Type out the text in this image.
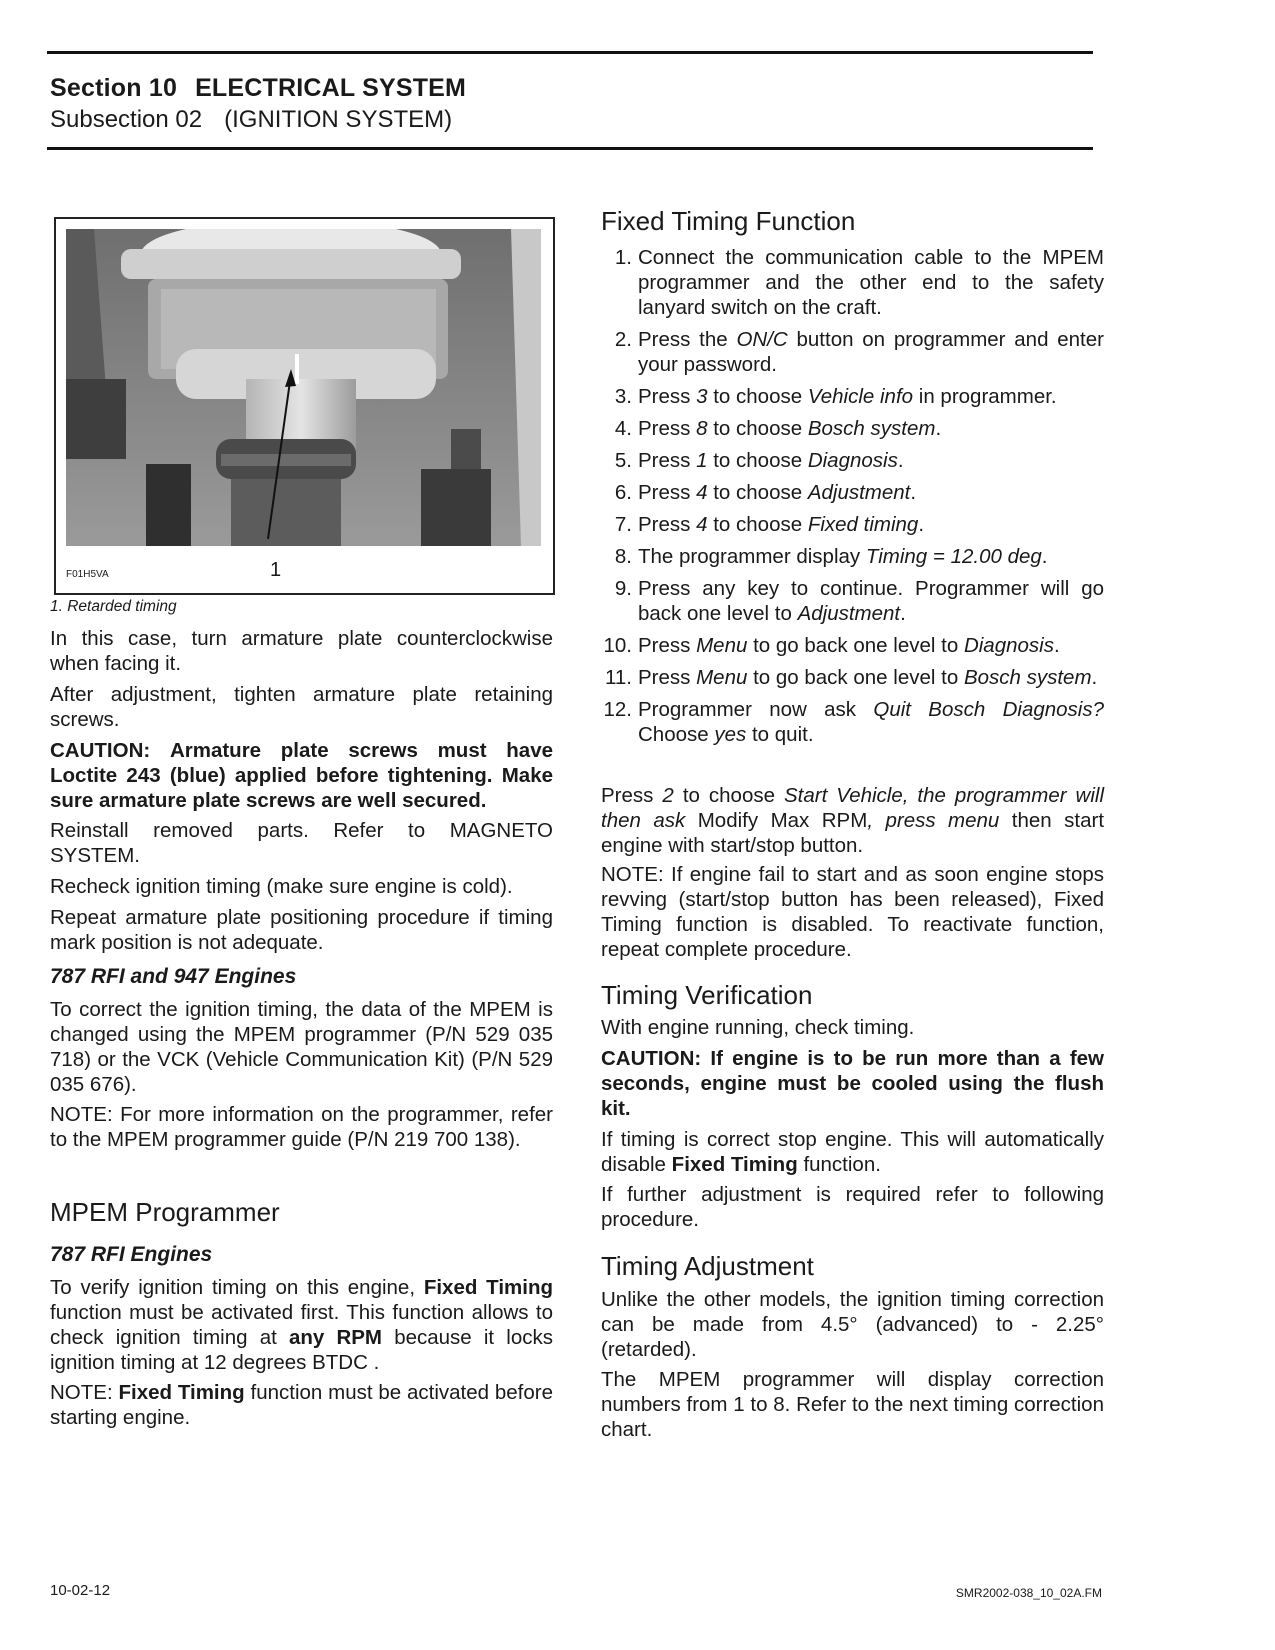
Section 10 ELECTRICAL SYSTEM
Subsection 02 (IGNITION SYSTEM)
F01H5VA	1
1. Retarded timing

In this case, turn armature plate counterclockwise when facing it.

After adjustment, tighten armature plate retaining screws.

CAUTION: Armature plate screws must have Loctite 243 (blue) applied before tightening. Make sure armature plate screws are well secured.

Reinstall removed parts. Refer to MAGNETO SYSTEM.

Recheck ignition timing (make sure engine is cold).

Repeat armature plate positioning procedure if timing mark position is not adequate.

787 RFI and 947 Engines

To correct the ignition timing, the data of the MPEM is changed using the MPEM programmer (P/N 529 035 718) or the VCK (Vehicle Communication Kit) (P/N 529 035 676).

NOTE: For more information on the programmer, refer to the MPEM programmer guide (P/N 219 700 138).

MPEM Programmer
787 RFI Engines

To verify ignition timing on this engine, Fixed Timing function must be activated first. This function allows to check ignition timing at any RPM because it locks ignition timing at 12 degrees BTDC .

NOTE: Fixed Timing function must be activated before starting engine.

Fixed Timing Function
1. Connect the communication cable to the MPEM programmer and the other end to the safety lanyard switch on the craft.
2. Press the ON/C button on programmer and enter your password.
3. Press 3 to choose Vehicle info in programmer.
4. Press 8 to choose Bosch system.
5. Press 1 to choose Diagnosis.
6. Press 4 to choose Adjustment.
7. Press 4 to choose Fixed timing.
8. The programmer display Timing = 12.00 deg.
9. Press any key to continue. Programmer will go back one level to Adjustment.
10. Press Menu to go back one level to Diagnosis.
11. Press Menu to go back one level to Bosch system.
12. Programmer now ask Quit Bosch Diagnosis? Choose yes to quit.

Press 2 to choose Start Vehicle, the programmer will then ask Modify Max RPM, press menu then start engine with start/stop button.

NOTE: If engine fail to start and as soon engine stops revving (start/stop button has been released), Fixed Timing function is disabled. To reactivate function, repeat complete procedure.

Timing Verification

With engine running, check timing.

CAUTION: If engine is to be run more than a few seconds, engine must be cooled using the flush kit.

If timing is correct stop engine. This will automatically disable Fixed Timing function.

If further adjustment is required refer to following procedure.

Timing Adjustment

Unlike the other models, the ignition timing correction can be made from 4.5° (advanced) to - 2.25° (retarded).

The MPEM programmer will display correction numbers from 1 to 8. Refer to the next timing correction chart.

10-02-12	SMR2002-038_10_02A.FM
